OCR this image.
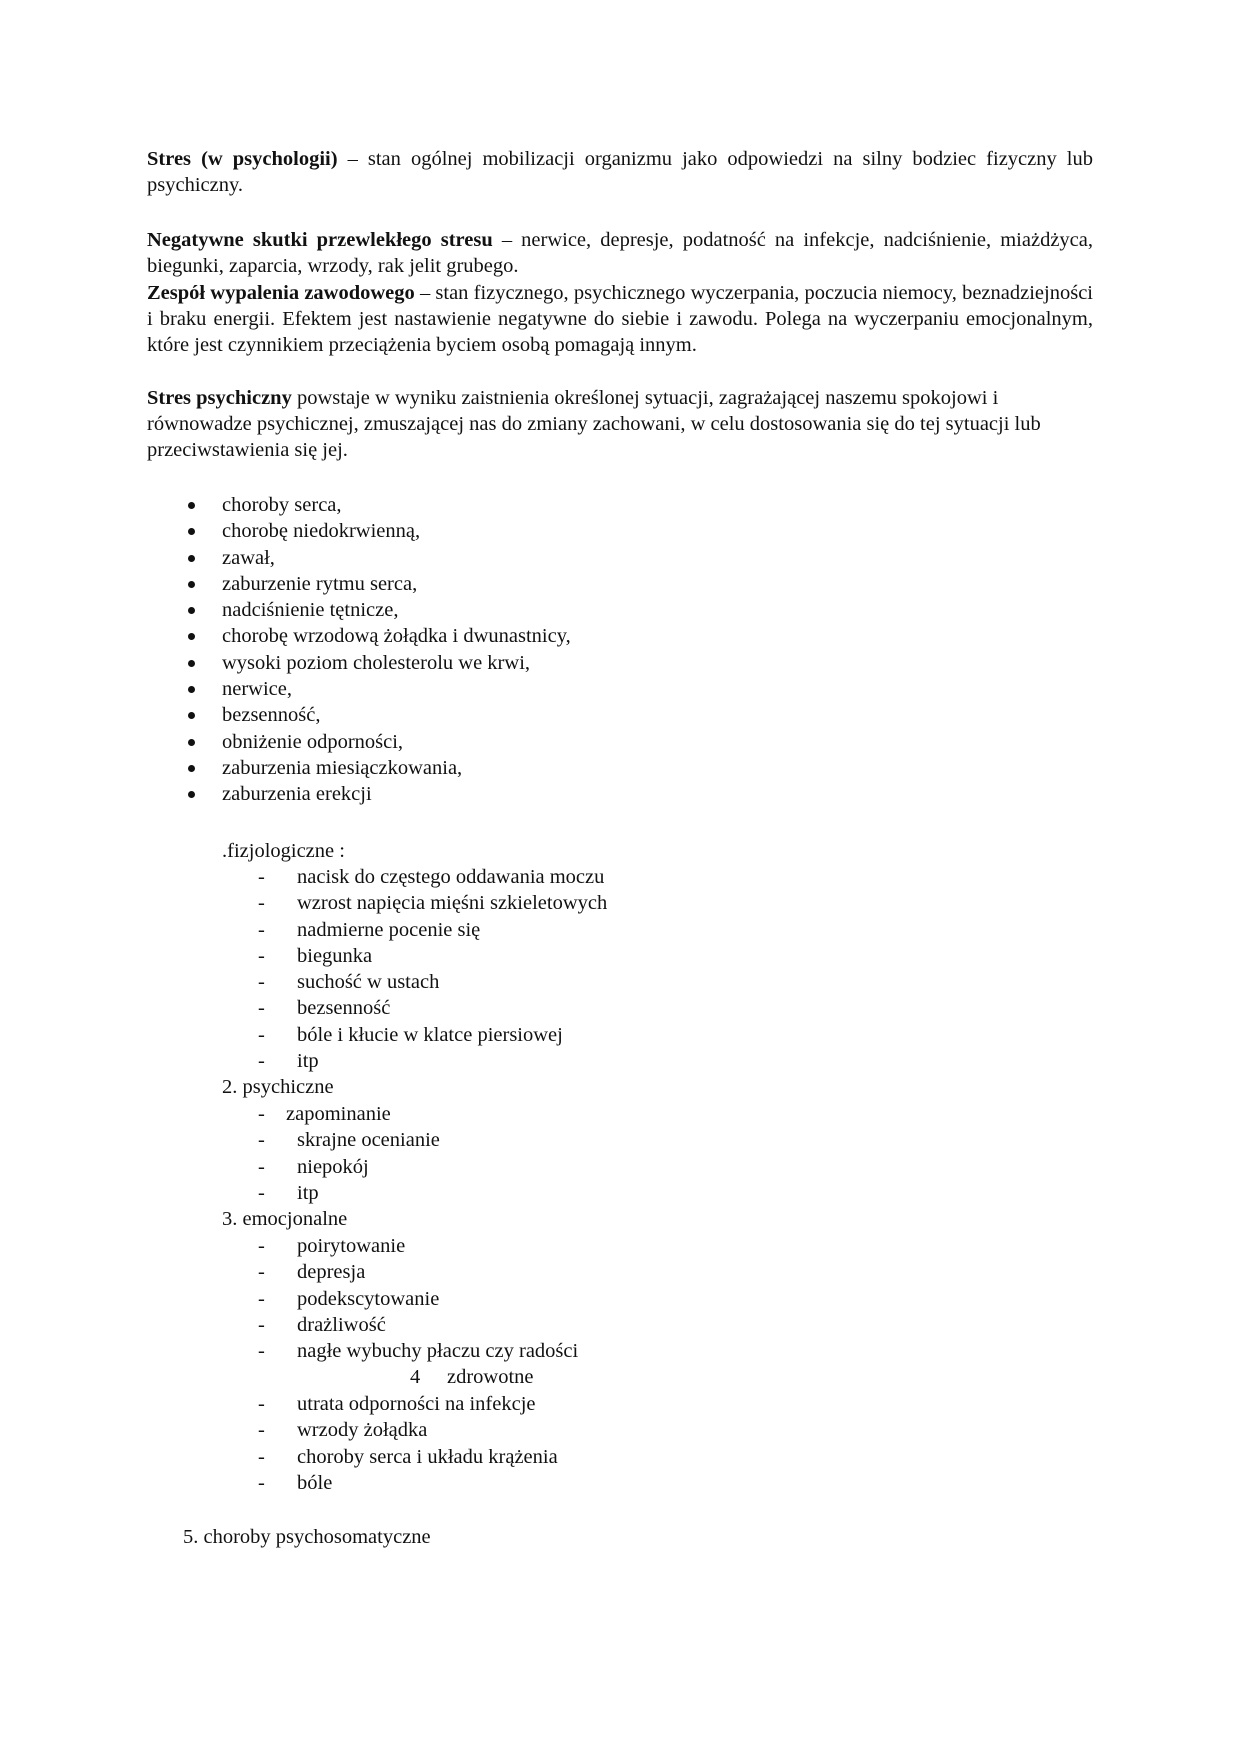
Stres (w psychologii) – stan ogólnej mobilizacji organizmu jako odpowiedzi na silny bodziec fizyczny lub psychiczny.

Negatywne skutki przewlekłego stresu – nerwice, depresje, podatność na infekcje, nadciśnienie, miażdżyca, biegunki, zaparcia, wrzody, rak jelit grubego.

Zespół wypalenia zawodowego – stan fizycznego, psychicznego wyczerpania, poczucia niemocy, beznadziejności i braku energii. Efektem jest nastawienie negatywne do siebie i zawodu. Polega na wyczerpaniu emocjonalnym, które jest czynnikiem przeciążenia byciem osobą pomagają innym.

Stres psychiczny powstaje w wyniku zaistnienia określonej sytuacji, zagrażającej naszemu spokojowi i równowadze psychicznej, zmuszającej nas do zmiany zachowani, w celu dostosowania się do tej sytuacji lub przeciwstawienia się jej.

choroby serca,
chorobę niedokrwienną,
zawał,
zaburzenie rytmu serca,
nadciśnienie tętnicze,
chorobę wrzodową żołądka i dwunastnicy,
wysoki poziom cholesterolu we krwi,
nerwice,
bezsenność,
obniżenie odporności,
zaburzenia miesiączkowania,
zaburzenia erekcji

.fizjologiczne :

- nacisk do częstego oddawania moczu
- wzrost napięcia mięśni szkieletowych
- nadmierne pocenie się
- biegunka
- suchość w ustach
- bezsenność
- bóle i kłucie w klatce piersiowej
- itp

2. psychiczne

- zapominanie
- skrajne ocenianie
- niepokój
- itp

3. emocjonalne

- poirytowanie
- depresja
- podekscytowanie
- drażliwość
- nagłe wybuchy płaczu czy radości

4 zdrowotne

- utrata odporności na infekcje
- wrzody żołądka
- choroby serca i układu krążenia
- bóle

5. choroby psychosomatyczne
